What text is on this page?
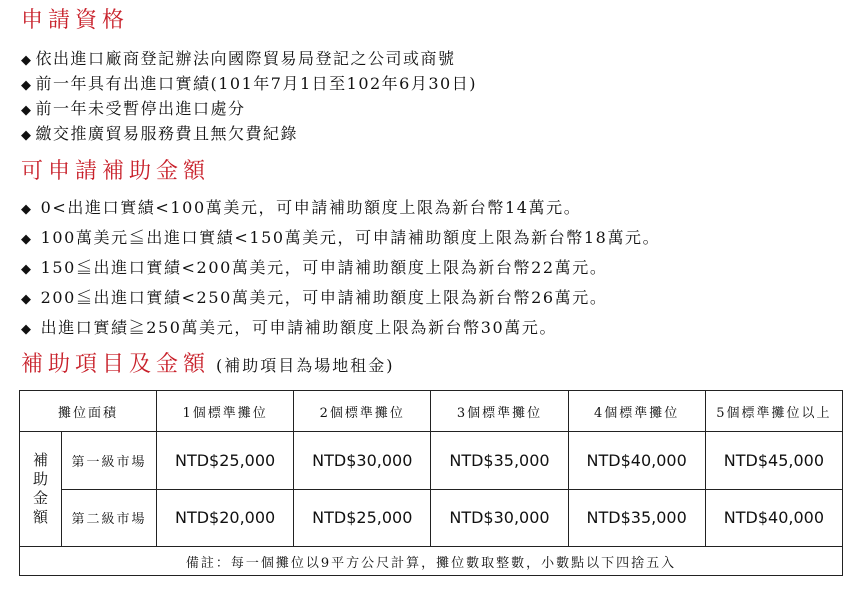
申請資格
◆ 依出進口廠商登記辦法向國際貿易局登記之公司或商號
◆ 前一年具有出進口實績(101年7月1日至102年6月30日)
◆ 前一年未受暫停出進口處分
◆ 繳交推廣貿易服務費且無欠費紀錄
可申請補助金額
◆ 0<出進口實績<100萬美元，可申請補助額度上限為新台幣14萬元。
◆ 100萬美元≦出進口實績<150萬美元，可申請補助額度上限為新台幣18萬元。
◆ 150≦出進口實績<200萬美元，可申請補助額度上限為新台幣22萬元。
◆ 200≦出進口實績<250萬美元，可申請補助額度上限為新台幣26萬元。
◆ 出進口實績≧250萬美元，可申請補助額度上限為新台幣30萬元。
補助項目及金額 (補助項目為場地租金)
攤位面積		1個標準攤位	2個標準攤位	3個標準攤位	4個標準攤位	5個標準攤位以上

補
助
金
額	第一級市場	NTD$25,000	NTD$30,000	NTD$35,000	NTD$40,000	NTD$45,000
	第二級市場	NTD$20,000	NTD$25,000	NTD$30,000	NTD$35,000	NTD$40,000
備註：每一個攤位以9平方公尺計算，攤位數取整數，小數點以下四捨五入						
